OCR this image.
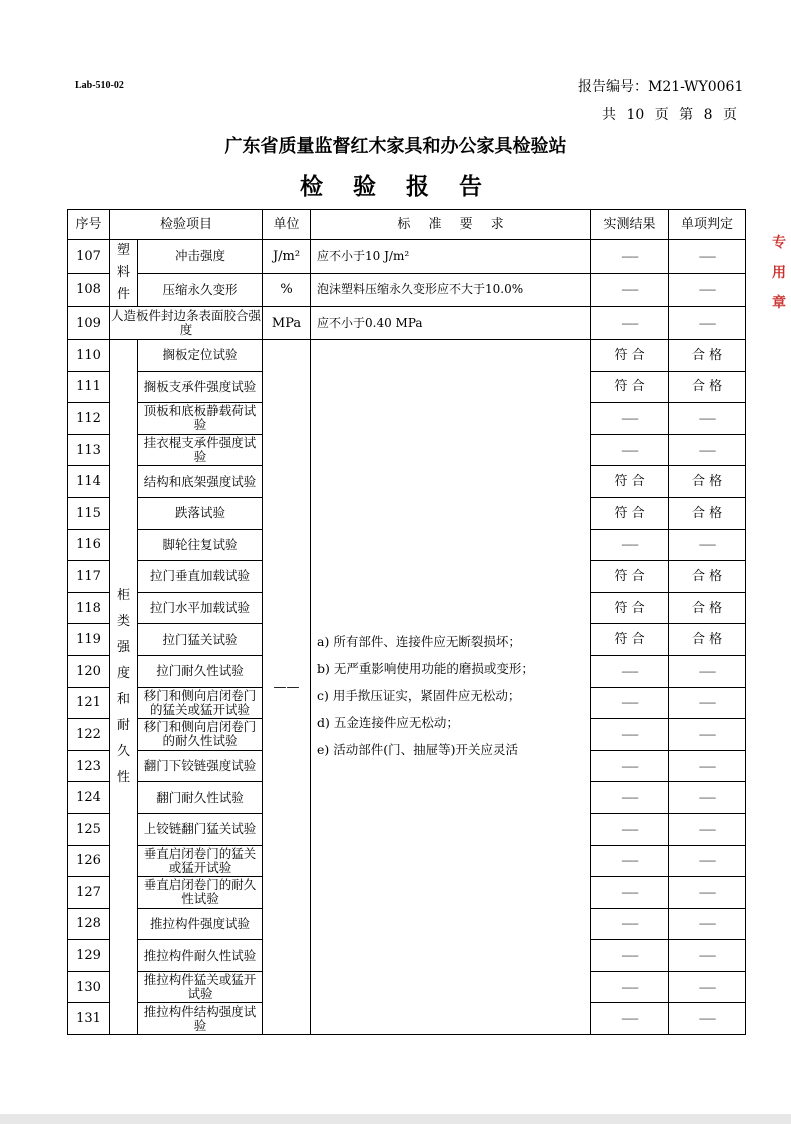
Lab-510-02	报告编号：M21-WY0061
共 10 页 第 8 页
广东省质量监督红木家具和办公家具检验站
检验报告
序号	检验项目		单位	标 准 要 求	实测结果	单项判定
107	塑料件	冲击强度	J/m²	应不小于10 J/m²	------	------
108		压缩永久变形	%	泡沫塑料压缩永久变形应不大于10.0%	------	------
109	人造板件封边条表面胶合强度		MPa	应不小于0.40 MPa	------	------
110	柜类强度和耐久性	搁板定位试验	——	a) 所有部件、连接件应无断裂损坏；
b) 无严重影响使用功能的磨损或变形；
c) 用手揿压证实，紧固件应无松动；
d) 五金连接件应无松动；
e) 活动部件(门、抽屉等)开关应灵活	符 合	合 格
111		搁板支承件强度试验			符 合	合 格
112		顶板和底板静载荷试验			------	------
113		挂衣棍支承件强度试验			------	------
114		结构和底架强度试验			符 合	合 格
115		跌落试验			符 合	合 格
116		脚轮往复试验			------	------
117		拉门垂直加载试验			符 合	合 格
118		拉门水平加载试验			符 合	合 格
119		拉门猛关试验			符 合	合 格
120		拉门耐久性试验			------	------
121		移门和侧向启闭卷门的猛关或猛开试验			------	------
122		移门和侧向启闭卷门的耐久性试验			------	------
123		翻门下铰链强度试验			------	------
124		翻门耐久性试验			------	------
125		上铰链翻门猛关试验			------	------
126		垂直启闭卷门的猛关或猛开试验			------	------
127		垂直启闭卷门的耐久性试验			------	------
128		推拉构件强度试验			------	------
129		推拉构件耐久性试验			------	------
130		推拉构件猛关或猛开试验			------	------
131		推拉构件结构强度试验			------	------
专
用
章
